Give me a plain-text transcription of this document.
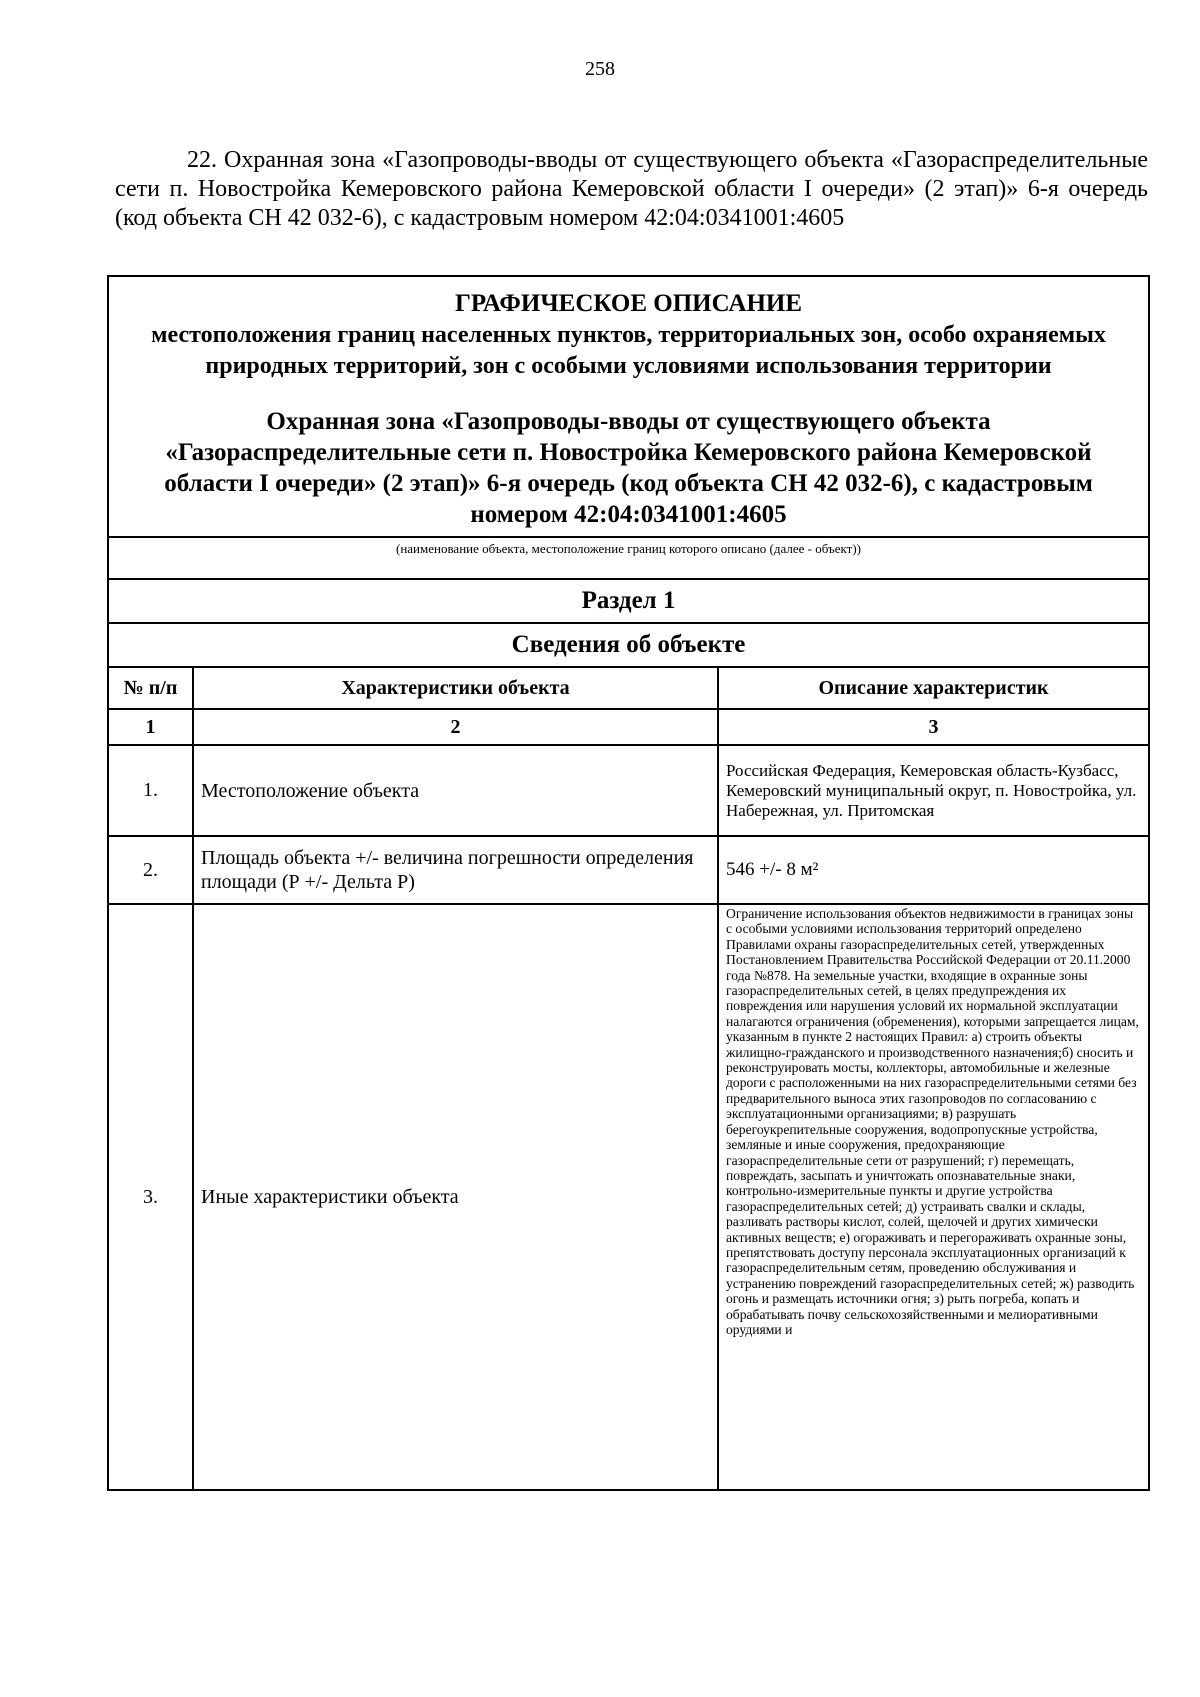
258
22. Охранная зона «Газопроводы-вводы от существующего объекта «Газораспределительные сети п. Новостройка Кемеровского района Кемеровской области I очереди» (2 этап)» 6-я очередь (код объекта СН 42 032-6), с кадастровым номером 42:04:0341001:4605
ГРАФИЧЕСКОЕ ОПИСАНИЕ
местоположения границ населенных пунктов, территориальных зон, особо охраняемых природных территорий, зон с особыми условиями использования территории
Охранная зона «Газопроводы-вводы от существующего объекта «Газораспределительные сети п. Новостройка Кемеровского района Кемеровской области I очереди» (2 этап)» 6-я очередь (код объекта СН 42 032-6), с кадастровым номером 42:04:0341001:4605		

(наименование объекта, местоположение границ которого описано (далее - объект))		
Раздел 1		
Сведения об объекте		
№ п/п	Характеристики объекта	Описание характеристик
1	2	3
1.	Местоположение объекта	Российская Федерация, Кемеровская область-Кузбасс, Кемеровский муниципальный округ, п. Новостройка, ул. Набережная, ул. Притомская
2.	Площадь объекта +/- величина погрешности определения площади (Р +/- Дельта Р)	546 +/- 8 м²
3.	Иные характеристики объекта	Ограничение использования объектов недвижимости в границах зоны с особыми условиями использования территорий определено Правилами охраны газораспределительных сетей, утвержденных Постановлением Правительства Российской Федерации от 20.11.2000 года №878. На земельные участки, входящие в охранные зоны газораспределительных сетей, в целях предупреждения их повреждения или нарушения условий их нормальной эксплуатации налагаются ограничения (обременения), которыми запрещается лицам, указанным в пункте 2 настоящих Правил: а) строить объекты жилищно-гражданского и производственного назначения;б) сносить и реконструировать мосты, коллекторы, автомобильные и железные дороги с расположенными на них газораспределительными сетями без предварительного выноса этих газопроводов по согласованию с эксплуатационными организациями; в) разрушать берегоукрепительные сооружения, водопропускные устройства, земляные и иные сооружения, предохраняющие газораспределительные сети от разрушений; г) перемещать, повреждать, засыпать и уничтожать опознавательные знаки, контрольно-измерительные пункты и другие устройства газораспределительных сетей; д) устраивать свалки и склады, разливать растворы кислот, солей, щелочей и других химически активных веществ; е) огораживать и перегораживать охранные зоны, препятствовать доступу персонала эксплуатационных организаций к газораспределительным сетям, проведению обслуживания и устранению повреждений газораспределительных сетей; ж) разводить огонь и размещать источники огня; з) рыть погреба, копать и обрабатывать почву сельскохозяйственными и мелиоративными орудиями и
